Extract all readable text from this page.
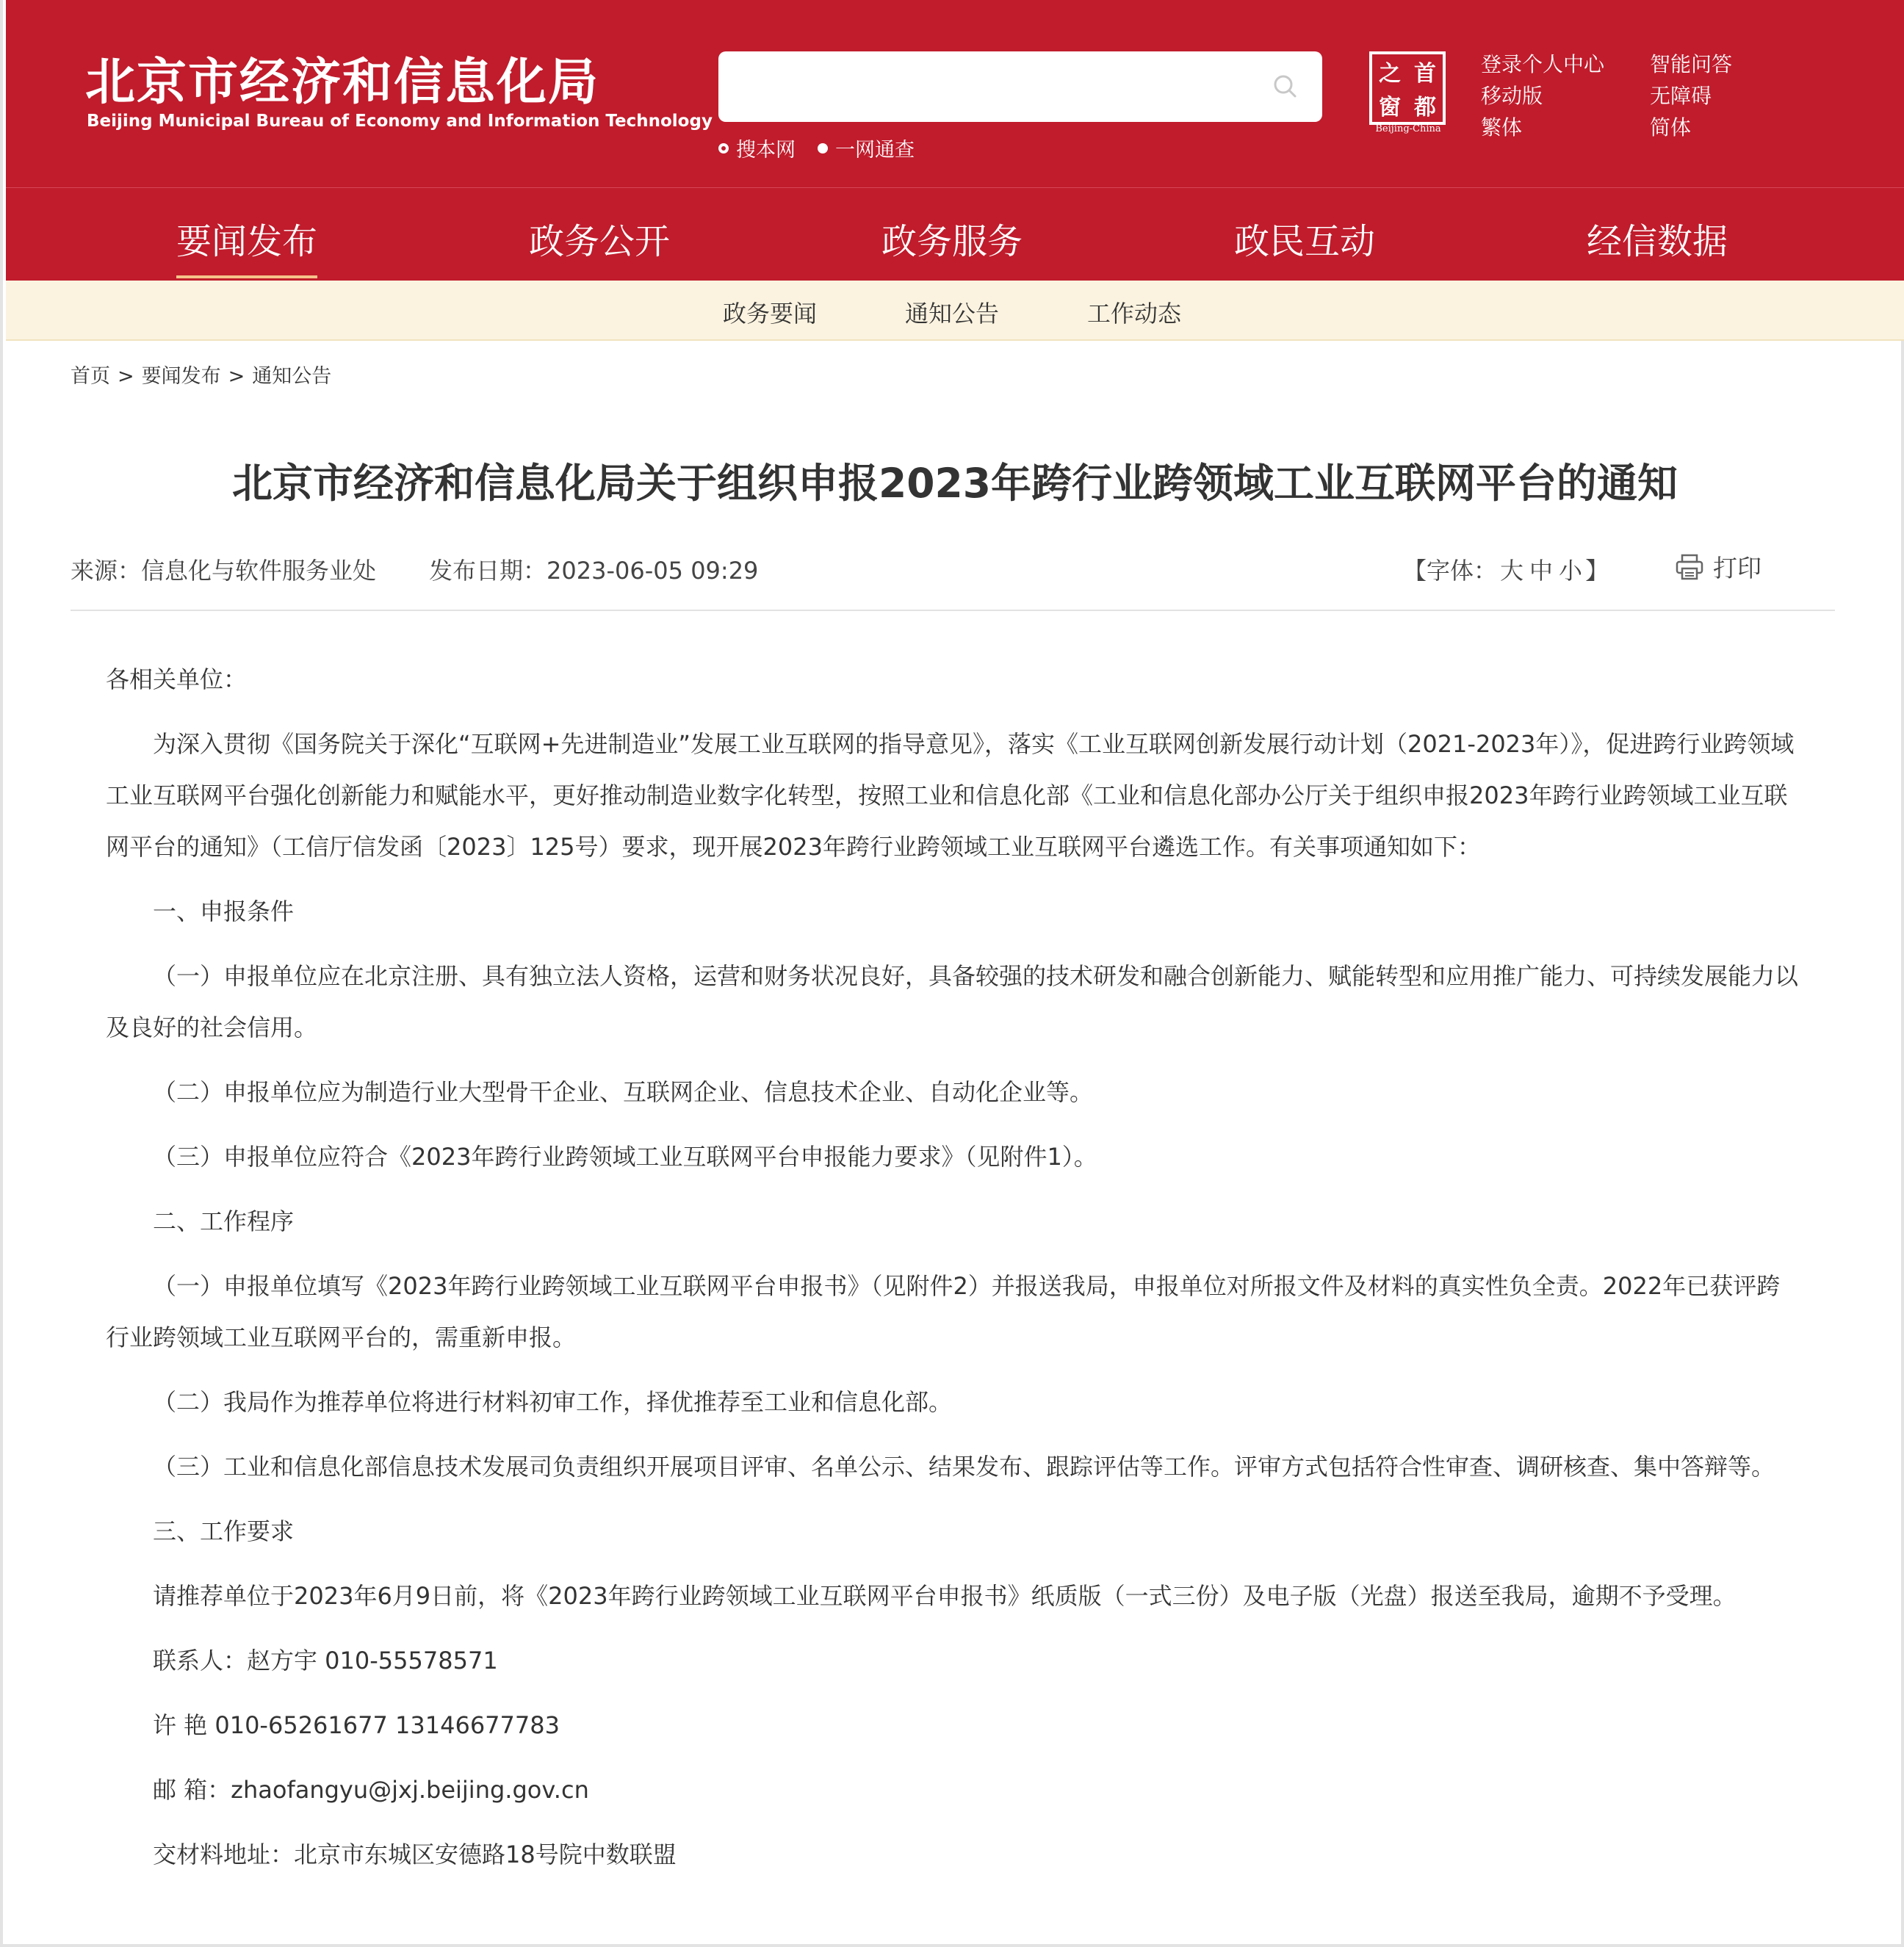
北京市经济和信息化局
Beijing Municipal Bureau of Economy and Information Technology
搜本网 一网通查
之 首
窗 都
Beijing-China
登录个人中心
移动版
繁体
智能问答
无障碍
简体
要闻发布	政务公开	政务服务	政民互动	经信数据
政务要闻	通知公告	工作动态
首页 > 要闻发布 > 通知公告
北京市经济和信息化局关于组织申报2023年跨行业跨领域工业互联网平台的通知
来源：信息化与软件服务业处 发布日期：2023-06-05 09:29	【字体： 大 中 小 】	打印

各相关单位：

为深入贯彻《国务院关于深化“互联网+先进制造业”发展工业互联网的指导意见》，落实《工业互联网创新发展行动计划（2021-2023年）》，促进跨行业跨领域工业互联网平台强化创新能力和赋能水平，更好推动制造业数字化转型，按照工业和信息化部《工业和信息化部办公厅关于组织申报2023年跨行业跨领域工业互联网平台的通知》（工信厅信发函〔2023〕125号）要求，现开展2023年跨行业跨领域工业互联网平台遴选工作。有关事项通知如下：

一、申报条件

（一）申报单位应在北京注册、具有独立法人资格，运营和财务状况良好，具备较强的技术研发和融合创新能力、赋能转型和应用推广能力、可持续发展能力以及良好的社会信用。

（二）申报单位应为制造行业大型骨干企业、互联网企业、信息技术企业、自动化企业等。

（三）申报单位应符合《2023年跨行业跨领域工业互联网平台申报能力要求》（见附件1）。

二、工作程序

（一）申报单位填写《2023年跨行业跨领域工业互联网平台申报书》（见附件2）并报送我局，申报单位对所报文件及材料的真实性负全责。2022年已获评跨行业跨领域工业互联网平台的，需重新申报。

（二）我局作为推荐单位将进行材料初审工作，择优推荐至工业和信息化部。

（三）工业和信息化部信息技术发展司负责组织开展项目评审、名单公示、结果发布、跟踪评估等工作。评审方式包括符合性审查、调研核查、集中答辩等。

三、工作要求

请推荐单位于2023年6月9日前，将《2023年跨行业跨领域工业互联网平台申报书》纸质版（一式三份）及电子版（光盘）报送至我局，逾期不予受理。

联系人：赵方宇 010-55578571

许 艳 010-65261677 13146677783

邮 箱：zhaofangyu@jxj.beijing.gov.cn

交材料地址：北京市东城区安德路18号院中数联盟
